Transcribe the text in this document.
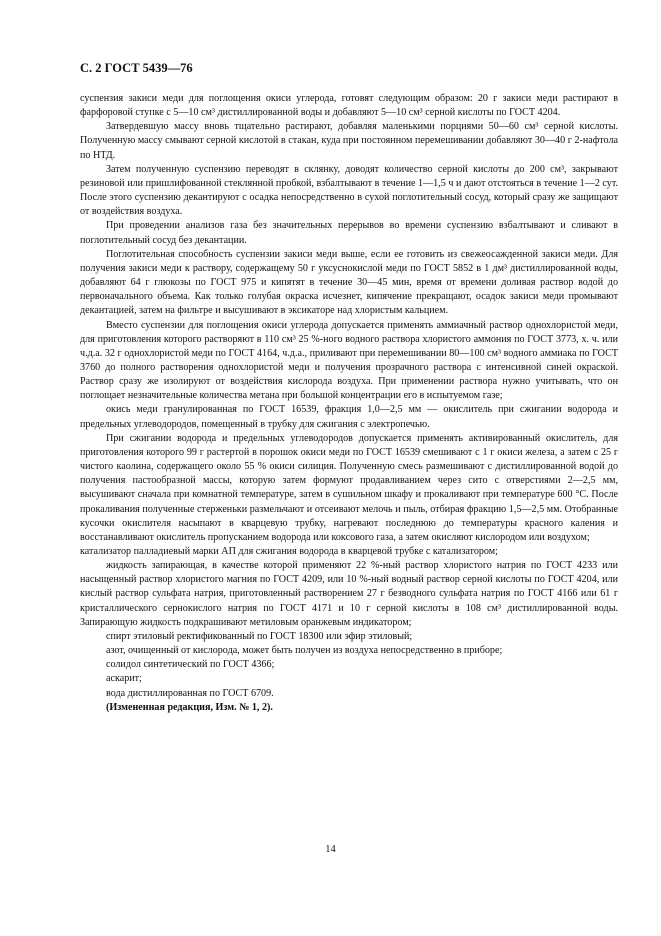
С. 2 ГОСТ 5439—76

суспензия закиси меди для поглощения окиси углерода, готовят следующим образом: 20 г закиси меди растирают в фарфоровой ступке с 5—10 см³ дистиллированной воды и добавляют 5—10 см³ серной кислоты по ГОСТ 4204.

Затвердевшую массу вновь тщательно растирают, добавляя маленькими порциями 50—60 см³ серной кислоты. Полученную массу смывают серной кислотой в стакан, куда при постоянном перемешивании добавляют 30—40 г 2-нафтола по НТД.

Затем полученную суспензию переводят в склянку, доводят количество серной кислоты до 200 см³, закрывают резиновой или пришлифованной стеклянной пробкой, взбалтывают в течение 1—1,5 ч и дают отстояться в течение 1—2 сут. После этого суспензию декантируют с осадка непосредственно в сухой поглотительный сосуд, который сразу же защищают от воздействия воздуха.

При проведении анализов газа без значительных перерывов во времени суспензию взбалтывают и сливают в поглотительный сосуд без декантации.

Поглотительная способность суспензии закиси меди выше, если ее готовить из свежеосажденной закиси меди. Для получения закиси меди к раствору, содержащему 50 г уксуснокислой меди по ГОСТ 5852 в 1 дм³ дистиллированной воды, добавляют 64 г глюкозы по ГОСТ 975 и кипятят в течение 30—45 мин, время от времени доливая раствор водой до первоначального объема. Как только голубая окраска исчезнет, кипячение прекращают, осадок закиси меди промывают декантацией, затем на фильтре и высушивают в эксикаторе над хлористым кальцием.

Вместо суспензии для поглощения окиси углерода допускается применять аммиачный раствор однохлористой меди, для приготовления которого растворяют в 110 см³ 25 %-ного водного раствора хлористого аммония по ГОСТ 3773, х. ч. или ч.д.а. 32 г однохлористой меди по ГОСТ 4164, ч.д.а., приливают при перемешивании 80—100 см³ водного аммиака по ГОСТ 3760 до полного растворения однохлористой меди и получения прозрачного раствора с интенсивной синей окраской. Раствор сразу же изолируют от воздействия кислорода воздуха. При применении раствора нужно учитывать, что он поглощает незначительные количества метана при большой концентрации его в испытуемом газе;

окись меди гранулированная по ГОСТ 16539, фракция 1,0—2,5 мм — окислитель при сжигании водорода и предельных углеводородов, помещенный в трубку для сжигания с электропечью.

При сжигании водорода и предельных углеводородов допускается применять активированный окислитель, для приготовления которого 99 г растертой в порошок окиси меди по ГОСТ 16539 смешивают с 1 г окиси железа, а затем с 25 г чистого каолина, содержащего около 55 % окиси силиция. Полученную смесь размешивают с дистиллированной водой до получения пастообразной массы, которую затем формуют продавливанием через сито с отверстиями 2—2,5 мм, высушивают сначала при комнатной температуре, затем в сушильном шкафу и прокаливают при температуре 600 °С. После прокаливания полученные стерженьки размельчают и отсеивают мелочь и пыль, отбирая фракцию 1,5—2,5 мм. Отобранные кусочки окислителя насыпают в кварцевую трубку, нагревают последнюю до температуры красного каления и восстанавливают окислитель пропусканием водорода или коксового газа, а затем окисляют кислородом или воздухом;

катализатор палладиевый марки АП для сжигания водорода в кварцевой трубке с катализатором;

жидкость запирающая, в качестве которой применяют 22 %-ный раствор хлористого натрия по ГОСТ 4233 или насыщенный раствор хлористого магния по ГОСТ 4209, или 10 %-ный водный раствор серной кислоты по ГОСТ 4204, или кислый раствор сульфата натрия, приготовленный растворением 27 г безводного сульфата натрия по ГОСТ 4166 или 61 г кристаллического сернокислого натрия по ГОСТ 4171 и 10 г серной кислоты в 108 см³ дистиллированной воды. Запирающую жидкость подкрашивают метиловым оранжевым индикатором;

спирт этиловый ректификованный по ГОСТ 18300 или эфир этиловый;

азот, очищенный от кислорода, может быть получен из воздуха непосредственно в приборе;

солидол синтетический по ГОСТ 4366;

аскарит;

вода дистиллированная по ГОСТ 6709.

(Измененная редакция, Изм. № 1, 2).

14
